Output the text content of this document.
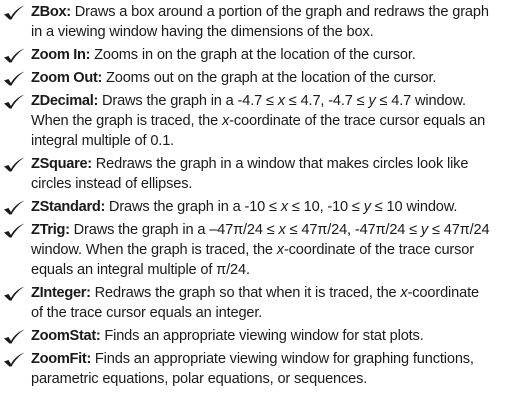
ZBox: Draws a box around a portion of the graph and redraws the graph
in a viewing window having the dimensions of the box.
Zoom In: Zooms in on the graph at the location of the cursor.
Zoom Out: Zooms out on the graph at the location of the cursor.
ZDecimal: Draws the graph in a -4.7 ≤ x ≤ 4.7, -4.7 ≤ y ≤ 4.7 window.
When the graph is traced, the x-coordinate of the trace cursor equals an
integral multiple of 0.1.
ZSquare: Redraws the graph in a window that makes circles look like
circles instead of ellipses.
ZStandard: Draws the graph in a -10 ≤ x ≤ 10, -10 ≤ y ≤ 10 window.
ZTrig: Draws the graph in a –47π/24 ≤ x ≤ 47π/24, -47π/24 ≤ y ≤ 47π/24
window. When the graph is traced, the x-coordinate of the trace cursor
equals an integral multiple of π/24.
ZInteger: Redraws the graph so that when it is traced, the x-coordinate
of the trace cursor equals an integer.
ZoomStat: Finds an appropriate viewing window for stat plots.
ZoomFit: Finds an appropriate viewing window for graphing functions,
parametric equations, polar equations, or sequences.
